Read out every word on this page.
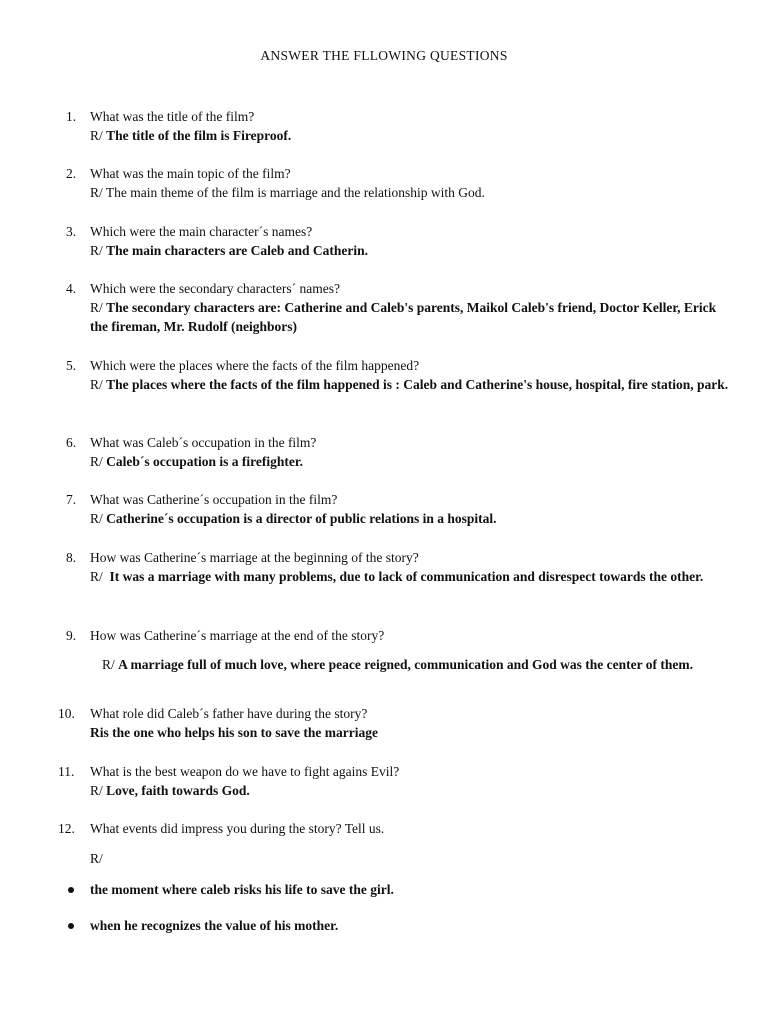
ANSWER THE FLLOWING QUESTIONS
1.	What was the title of the film?
R/ The title of the film is Fireproof.
2.	What was the main topic of the film?
R/ The main theme of the film is marriage and the relationship with God.
3.	Which were the main character´s names?
R/ The main characters are Caleb and Catherin.
4.	Which were the secondary characters´ names?
R/ The secondary characters are: Catherine and Caleb's parents, Maikol Caleb's friend, Doctor Keller, Erick the fireman, Mr. Rudolf (neighbors)
5.	Which were the places where the facts of the film happened?
R/ The places where the facts of the film happened is : Caleb and Catherine's house, hospital, fire station, park.
6.	What was Caleb´s occupation in the film?
R/ Caleb´s occupation is a firefighter.
7.	What was Catherine´s occupation in the film?
R/ Catherine´s occupation is a director of public relations in a hospital.
8.	How was Catherine´s marriage at the beginning of the story?
R/  It was a marriage with many problems, due to lack of communication and disrespect towards the other.
9.	How was Catherine´s marriage at the end of the story?
R/ A marriage full of much love, where peace reigned, communication and God was the center of them.
10. What role did Caleb´s father have during the story?
Ris the one who helps his son to save the marriage
11. What is the best weapon do we have to fight agains Evil?
R/ Love, faith towards God.
12. What events did impress you during the story? Tell us.
R/
the moment where caleb risks his life to save the girl.
when he recognizes the value of his mother.
